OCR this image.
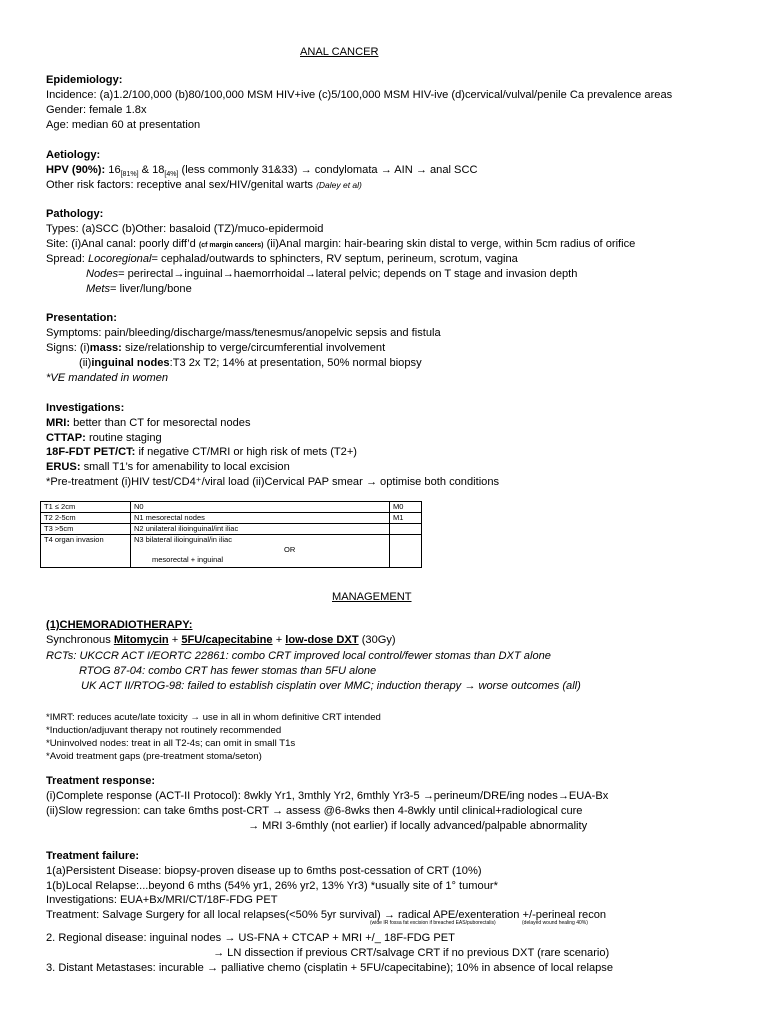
ANAL CANCER
Epidemiology:
Incidence: (a)1.2/100,000 (b)80/100,000 MSM HIV+ive (c)5/100,000 MSM HIV-ive (d)cervical/vulval/penile Ca prevalence areas
Gender: female 1.8x
Age: median 60 at presentation
Aetiology:
HPV (90%): $16_{[81\%]}$ & $18_{[4\%]}$ (less commonly 31&33) → condylomata → AIN → anal SCC
Other risk factors: receptive anal sex/HIV/genital warts (Daley et al)
Pathology:
Types: (a)SCC (b)Other: basaloid (TZ)/muco-epidermoid
Site: (i)Anal canal: poorly diff’d (cf margin cancers) (ii)Anal margin: hair-bearing skin distal to verge, within 5cm radius of orifice
Spread: Locoregional= cephalad/outwards to sphincters, RV septum, perineum, scrotum, vagina
Nodes= perirectal→inguinal→haemorrhoidal→lateral pelvic; depends on T stage and invasion depth
Mets= liver/lung/bone
Presentation:
Symptoms: pain/bleeding/discharge/mass/tenesmus/anopelvic sepsis and fistula
Signs: (i)mass: size/relationship to verge/circumferential involvement
(ii)inguinal nodes:T3 2x T2; 14% at presentation, 50% normal biopsy
*VE mandated in women
Investigations:
MRI: better than CT for mesorectal nodes
CTTAP: routine staging
18F-FDT PET/CT: if negative CT/MRI or high risk of mets (T2+)
ERUS: small T1’s for amenability to local excision
*Pre-treatment (i)HIV test/CD4⁺/viral load (ii)Cervical PAP smear → optimise both conditions
T1 ≤ 2cm	N0	M0
T2 2-5cm	N1 mesorectal nodes	M1
T3 >5cm	N2 unilateral ilioinguinal/int iliac	
T4 organ invasion	N3 bilateral ilioinguinal/in iliac
OR
mesorectal + inguinal	

MANAGEMENT
(1)CHEMORADIOTHERAPY:
Synchronous Mitomycin + 5FU/capecitabine + low-dose DXT (30Gy)
RCTs: UKCCR ACT I/EORTC 22861: combo CRT improved local control/fewer stomas than DXT alone
RTOG 87-04: combo CRT has fewer stomas than 5FU alone
UK ACT II/RTOG-98: failed to establish cisplatin over MMC; induction therapy → worse outcomes (all)
*IMRT: reduces acute/late toxicity → use in all in whom definitive CRT intended
*Induction/adjuvant therapy not routinely recommended
*Uninvolved nodes: treat in all T2-4s; can omit in small T1s
*Avoid treatment gaps (pre-treatment stoma/seton)
Treatment response:
(i)Complete response (ACT-II Protocol): 8wkly Yr1, 3mthly Yr2, 6mthly Yr3-5 →perineum/DRE/ing nodes→EUA-Bx
(ii)Slow regression: can take 6mths post-CRT → assess @6-8wks then 4-8wkly until clinical+radiological cure
→ MRI 3-6mthly (not earlier) if locally advanced/palpable abnormality
Treatment failure:
1(a)Persistent Disease: biopsy-proven disease up to 6mths post-cessation of CRT (10%)
1(b)Local Relapse:...beyond 6 mths (54% yr1, 26% yr2, 13% Yr3) *usually site of 1° tumour*
Investigations: EUA+Bx/MRI/CT/18F-FDG PET
Treatment: Salvage Surgery for all local relapses(<50% 5yr survival) → radical APE/exenteration +/-perineal recon
(wide IR fossa fat excision if breached EAS/puborectalis)	(delayed wound healing 40%)
2. Regional disease: inguinal nodes → US-FNA + CTCAP + MRI +/_ 18F-FDG PET
→ LN dissection if previous CRT/salvage CRT if no previous DXT (rare scenario)
3. Distant Metastases: incurable → palliative chemo (cisplatin + 5FU/capecitabine); 10% in absence of local relapse
